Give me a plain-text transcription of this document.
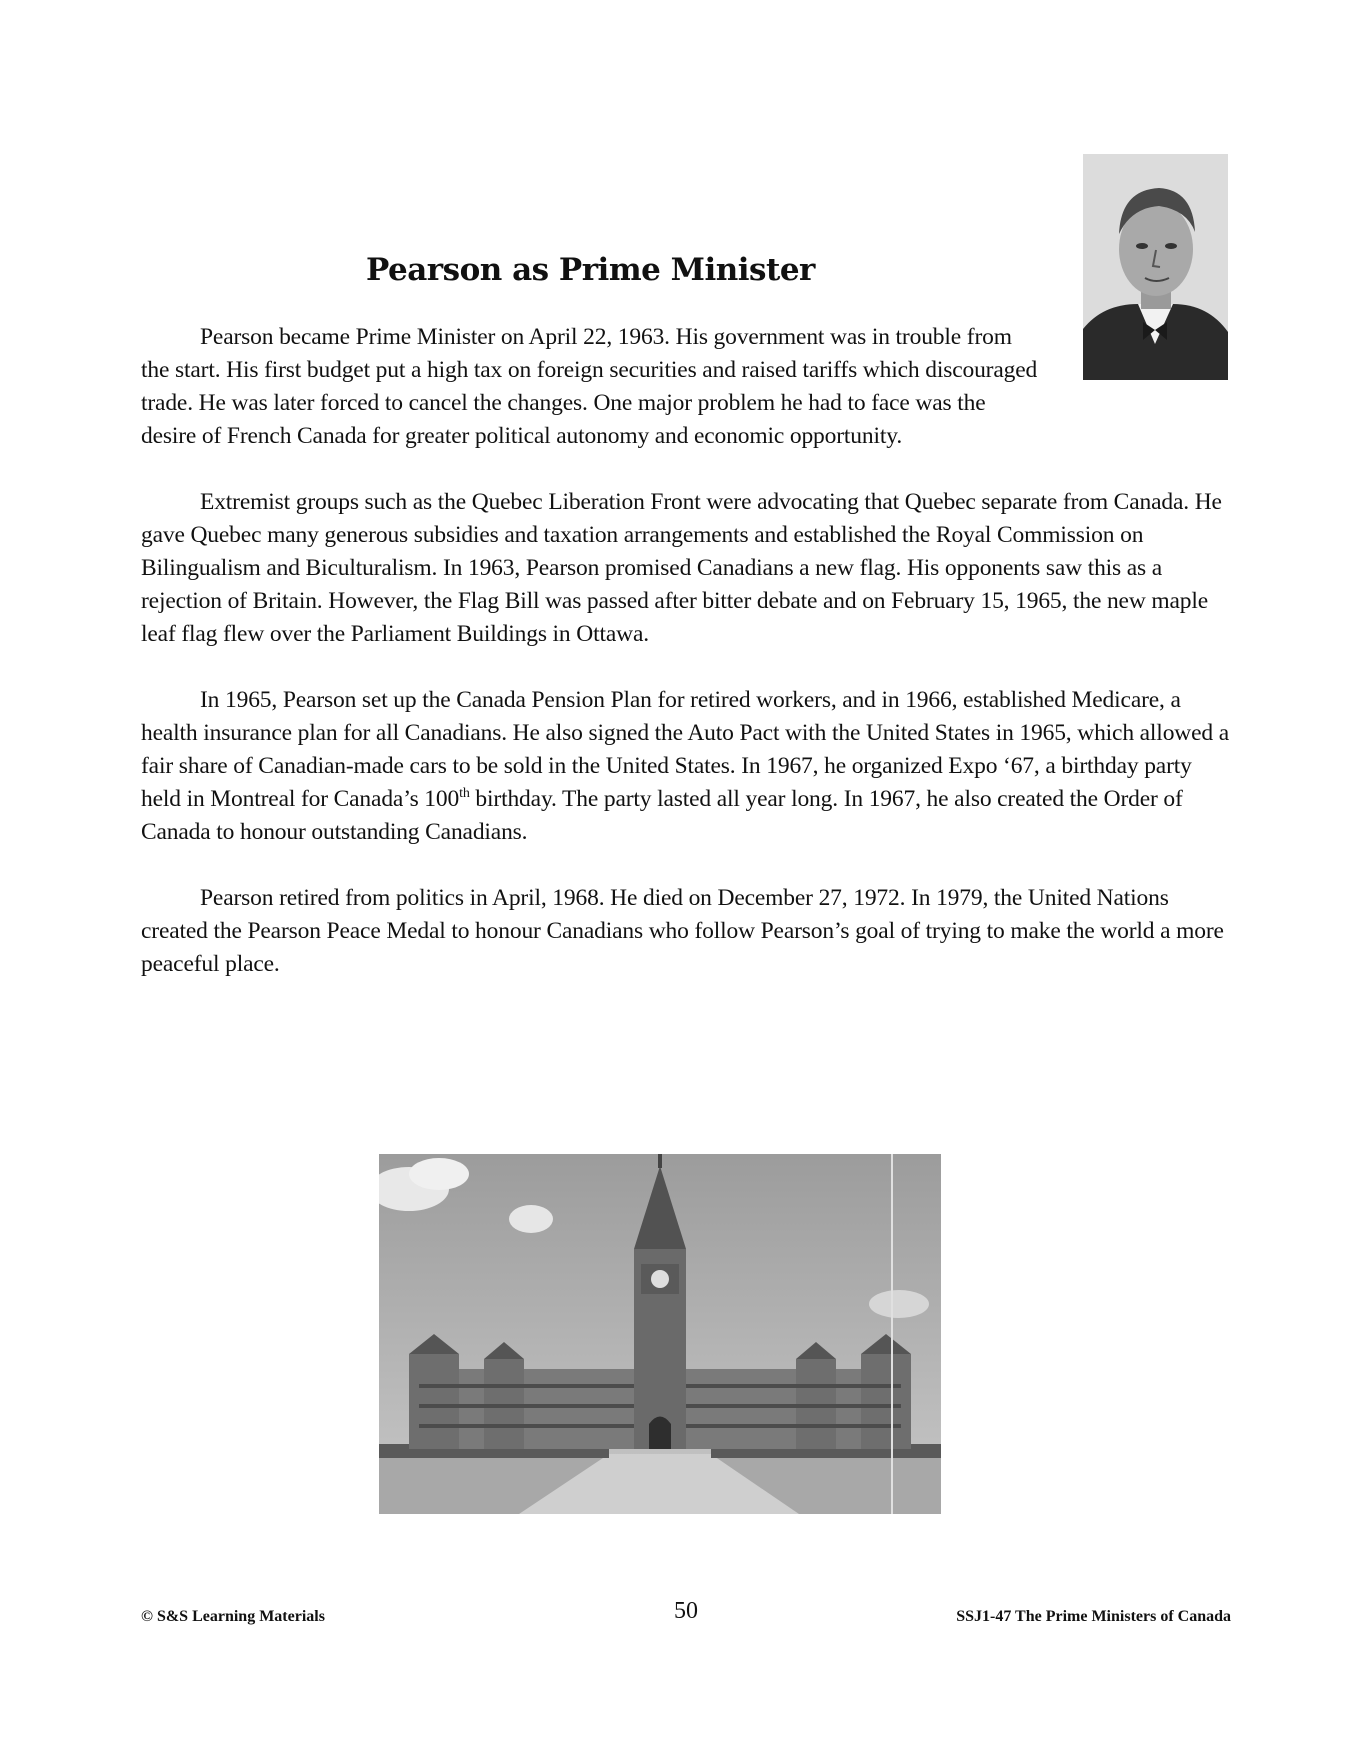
Pearson as Prime Minister

Pearson became Prime Minister on April 22, 1963. His government was in trouble from the start. His first budget put a high tax on foreign securities and raised tariffs which discouraged trade. He was later forced to cancel the changes. One major problem he had to face was the desire of French Canada for greater political autonomy and economic opportunity.

Extremist groups such as the Quebec Liberation Front were advocating that Quebec separate from Canada. He gave Quebec many generous subsidies and taxation arrangements and established the Royal Commission on Bilingualism and Biculturalism. In 1963, Pearson promised Canadians a new flag. His opponents saw this as a rejection of Britain. However, the Flag Bill was passed after bitter debate and on February 15, 1965, the new maple leaf flag flew over the Parliament Buildings in Ottawa.

In 1965, Pearson set up the Canada Pension Plan for retired workers, and in 1966, established Medicare, a health insurance plan for all Canadians. He also signed the Auto Pact with the United States in 1965, which allowed a fair share of Canadian-made cars to be sold in the United States. In 1967, he organized Expo ‘67, a birthday party held in Montreal for Canada’s 100th birthday. The party lasted all year long. In 1967, he also created the Order of Canada to honour outstanding Canadians.

Pearson retired from politics in April, 1968. He died on December 27, 1972. In 1979, the United Nations created the Pearson Peace Medal to honour Canadians who follow Pearson’s goal of trying to make the world a more peaceful place.

© S&S Learning Materials	50	SSJ1-47 The Prime Ministers of Canada
